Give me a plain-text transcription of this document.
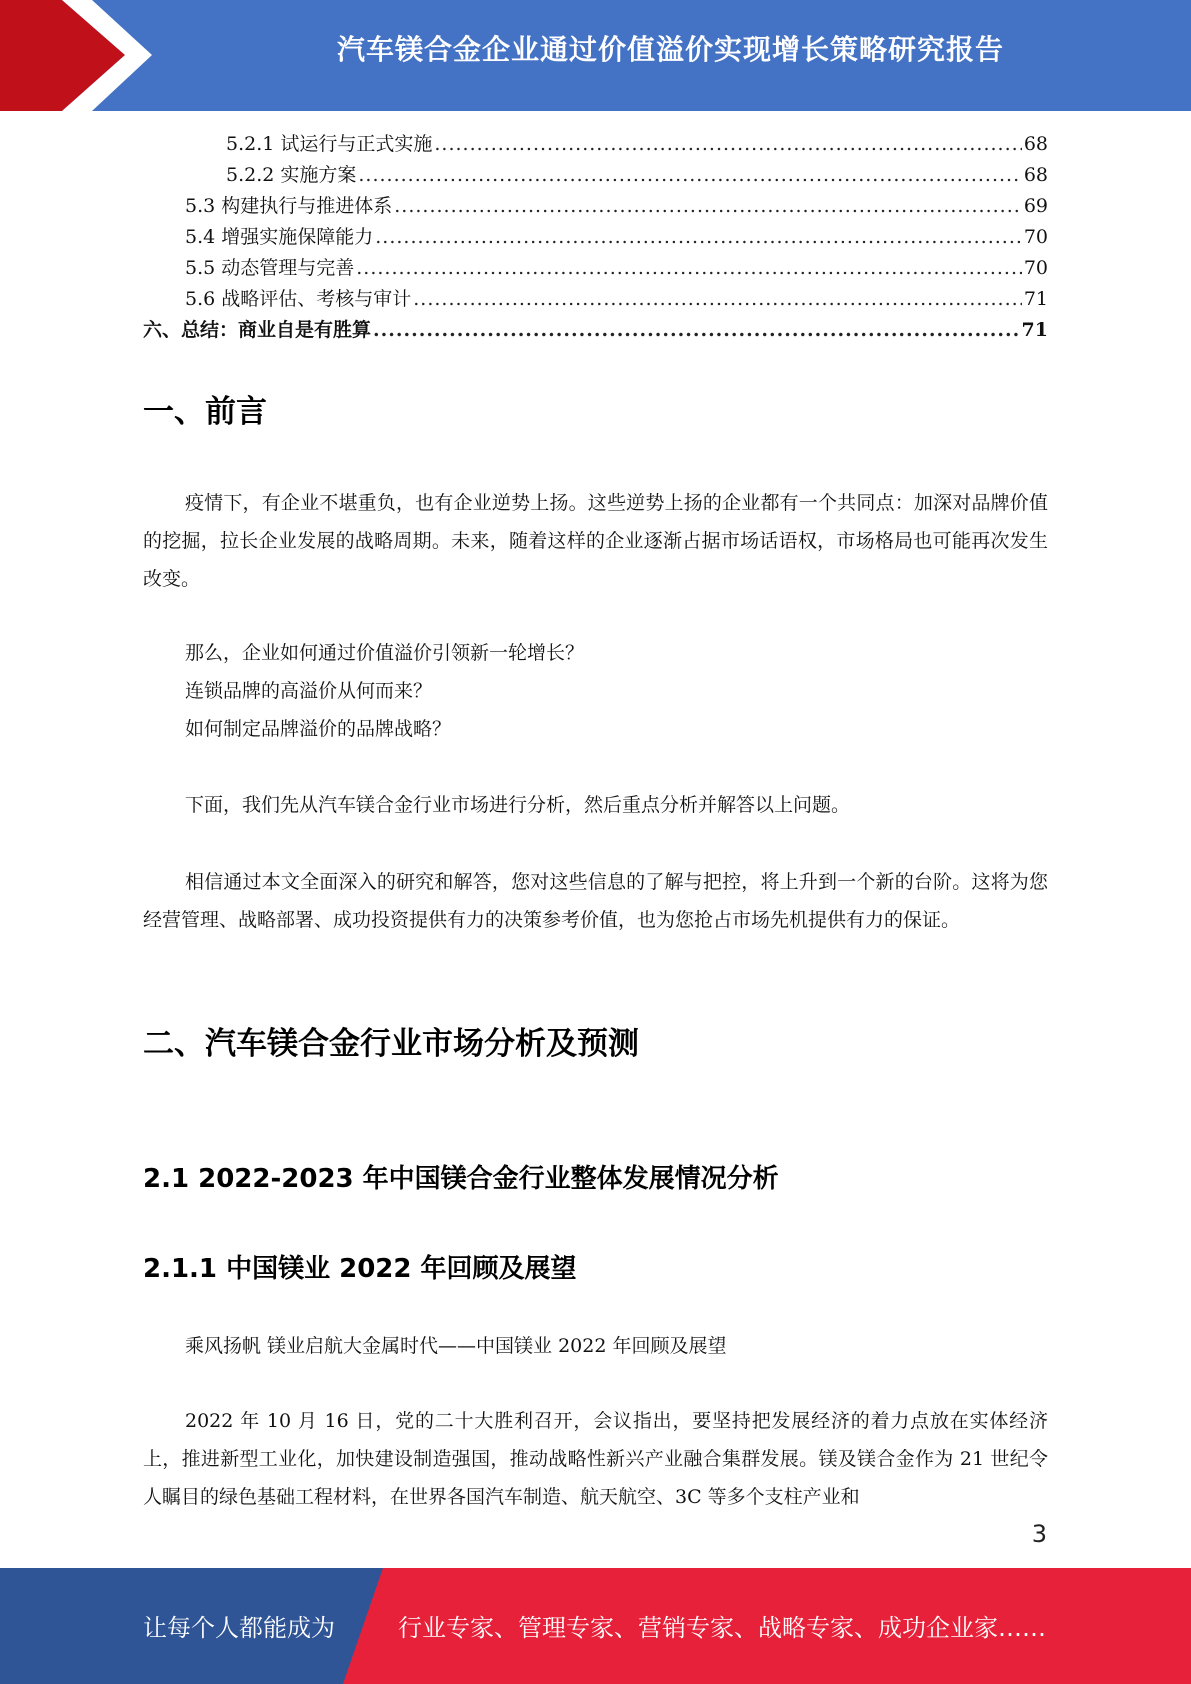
汽车镁合金企业通过价值溢价实现增长策略研究报告
5.2.1 试运行与正式实施 .....	68
5.2.2 实施方案 .....	68
5.3 构建执行与推进体系 .....	69
5.4 增强实施保障能力 .....	70
5.5 动态管理与完善 .....	70
5.6 战略评估、考核与审计 .....	71
六、总结：商业自是有胜算 .....	71
一、前言
疫情下，有企业不堪重负，也有企业逆势上扬。这些逆势上扬的企业都有一个共同点：加深对品牌价值的挖掘，拉长企业发展的战略周期。未来，随着这样的企业逐渐占据市场话语权，市场格局也可能再次发生改变。
那么，企业如何通过价值溢价引领新一轮增长？
连锁品牌的高溢价从何而来？
如何制定品牌溢价的品牌战略？
下面，我们先从汽车镁合金行业市场进行分析，然后重点分析并解答以上问题。
相信通过本文全面深入的研究和解答，您对这些信息的了解与把控，将上升到一个新的台阶。这将为您经营管理、战略部署、成功投资提供有力的决策参考价值，也为您抢占市场先机提供有力的保证。
二、汽车镁合金行业市场分析及预测
2.1 2022-2023 年中国镁合金行业整体发展情况分析
2.1.1 中国镁业 2022 年回顾及展望
乘风扬帆 镁业启航大金属时代——中国镁业 2022 年回顾及展望
2022 年 10 月 16 日，党的二十大胜利召开，会议指出，要坚持把发展经济的着力点放在实体经济上，推进新型工业化，加快建设制造强国，推动战略性新兴产业融合集群发展。镁及镁合金作为 21 世纪令人瞩目的绿色基础工程材料，在世界各国汽车制造、航天航空、3C 等多个支柱产业和
3
让每个人都能成为	行业专家、管理专家、营销专家、战略专家、成功企业家……
